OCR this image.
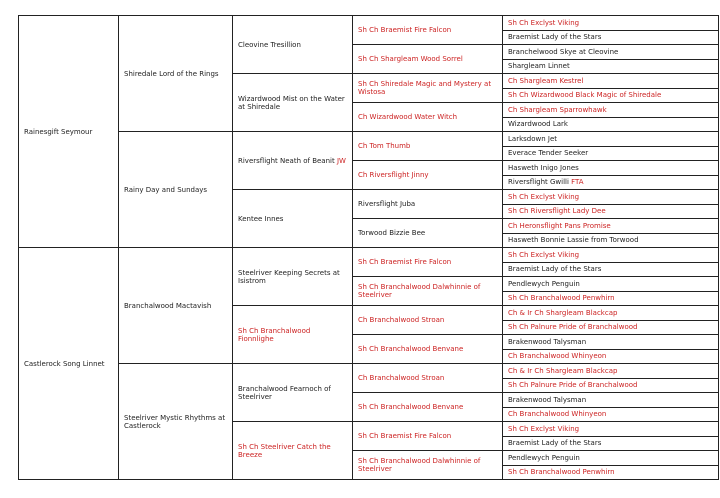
Rainesgift Seymour	Shiredale Lord of the Rings	Cleovine Tresillion	Sh Ch Braemist Fire Falcon	Sh Ch Exclyst Viking
				Braemist Lady of the Stars
			Sh Ch Shargleam Wood Sorrel	Branchelwood Skye at Cleovine
				Shargleam Linnet
		Wizardwood Mist on the Water at Shiredale	Sh Ch Shiredale Magic and Mystery at Wistosa	Ch Shargleam Kestrel
				Sh Ch Wizardwood Black Magic of Shiredale
			Ch Wizardwood Water Witch	Ch Shargleam Sparrowhawk
				Wizardwood Lark
	Rainy Day and Sundays	Riversflight Neath of Beanit JW	Ch Tom Thumb	Larksdown Jet
				Everace Tender Seeker
			Ch Riversflight Jinny	Hasweth Inigo Jones
				Riversflight Gwilli FTA
		Kentee Innes	Riversflight Juba	Sh Ch Exclyst Viking
				Sh Ch Riversflight Lady Dee
			Torwood Bizzie Bee	Ch Heronsflight Pans Promise
				Hasweth Bonnie Lassie from Torwood
Castlerock Song Linnet	Branchalwood Mactavish	Steelriver Keeping Secrets at Isistrom	Sh Ch Braemist Fire Falcon	Sh Ch Exclyst Viking
				Braemist Lady of the Stars
			Sh Ch Branchalwood Dalwhinnie of Steelriver	Pendlewych Penguin
				Sh Ch Branchalwood Penwhirn
		Sh Ch Branchalwood Fionnlighe	Ch Branchalwood Stroan	Ch & Ir Ch Shargleam Blackcap
				Sh Ch Palnure Pride of Branchalwood
			Sh Ch Branchalwood Benvane	Brakenwood Talysman
				Ch Branchalwood Whinyeon
	Steelriver Mystic Rhythms at Castlerock	Branchalwood Fearnoch of Steelriver	Ch Branchalwood Stroan	Ch & Ir Ch Shargleam Blackcap
				Sh Ch Palnure Pride of Branchalwood
			Sh Ch Branchalwood Benvane	Brakenwood Talysman
				Ch Branchalwood Whinyeon
		Sh Ch Steelriver Catch the Breeze	Sh Ch Braemist Fire Falcon	Sh Ch Exclyst Viking
				Braemist Lady of the Stars
			Sh Ch Branchalwood Dalwhinnie of Steelriver	Pendlewych Penguin
				Sh Ch Branchalwood Penwhirn
